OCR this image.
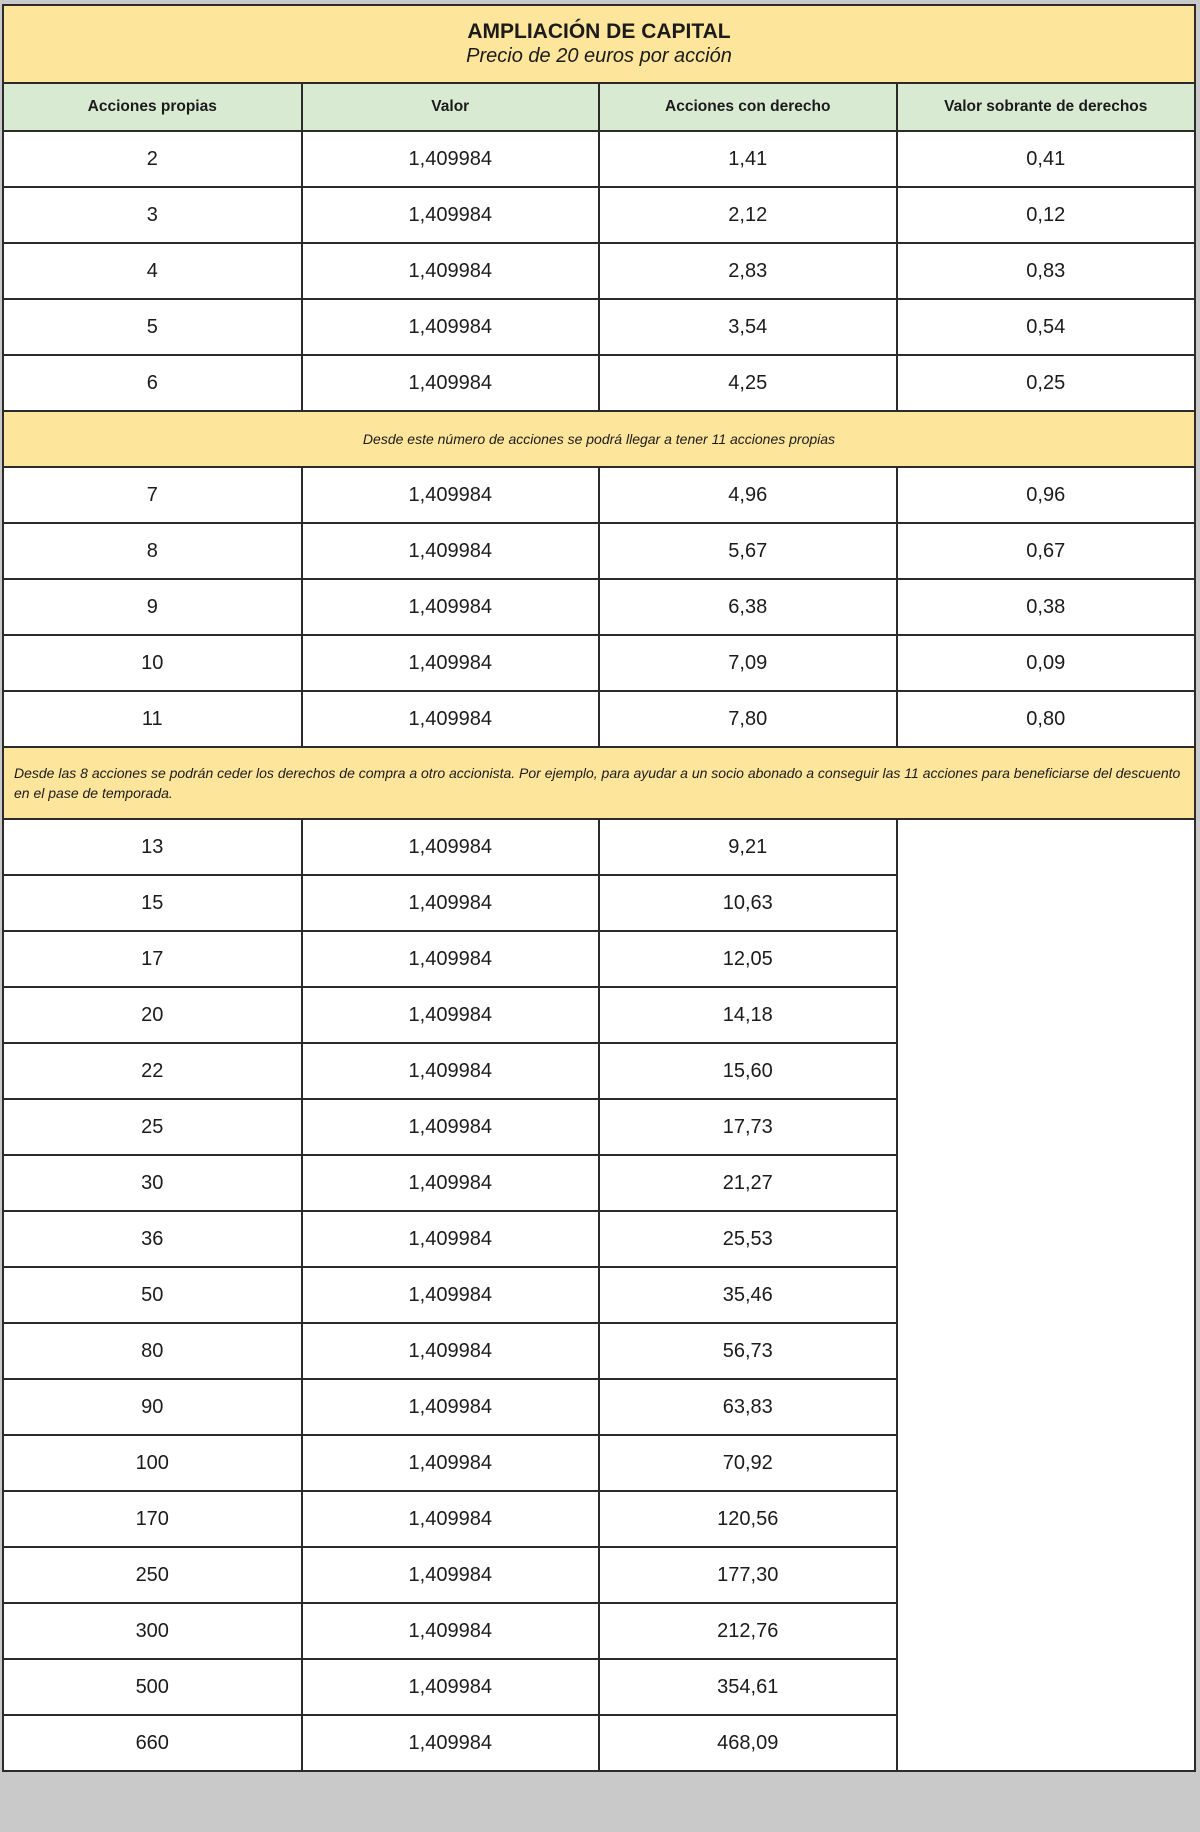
AMPLIACIÓN DE CAPITAL
Precio de 20 euros por acción			

Acciones propias	Valor	Acciones con derecho	Valor sobrante de derechos
2	1,409984	1,41	0,41
3	1,409984	2,12	0,12
4	1,409984	2,83	0,83
5	1,409984	3,54	0,54
6	1,409984	4,25	0,25
Desde este número de acciones se podrá llegar a tener 11 acciones propias			
7	1,409984	4,96	0,96
8	1,409984	5,67	0,67
9	1,409984	6,38	0,38
10	1,409984	7,09	0,09
11	1,409984	7,80	0,80
Desde las 8 acciones se podrán ceder los derechos de compra a otro accionista. Por ejemplo, para ayudar a un socio abonado a conseguir las 11 acciones para beneficiarse del descuento en el pase de temporada.			
13	1,409984	9,21	
15	1,409984	10,63	
17	1,409984	12,05	
20	1,409984	14,18	
22	1,409984	15,60	
25	1,409984	17,73	
30	1,409984	21,27	
36	1,409984	25,53	
50	1,409984	35,46	
80	1,409984	56,73	
90	1,409984	63,83	
100	1,409984	70,92	
170	1,409984	120,56	
250	1,409984	177,30	
300	1,409984	212,76	
500	1,409984	354,61	
660	1,409984	468,09	
